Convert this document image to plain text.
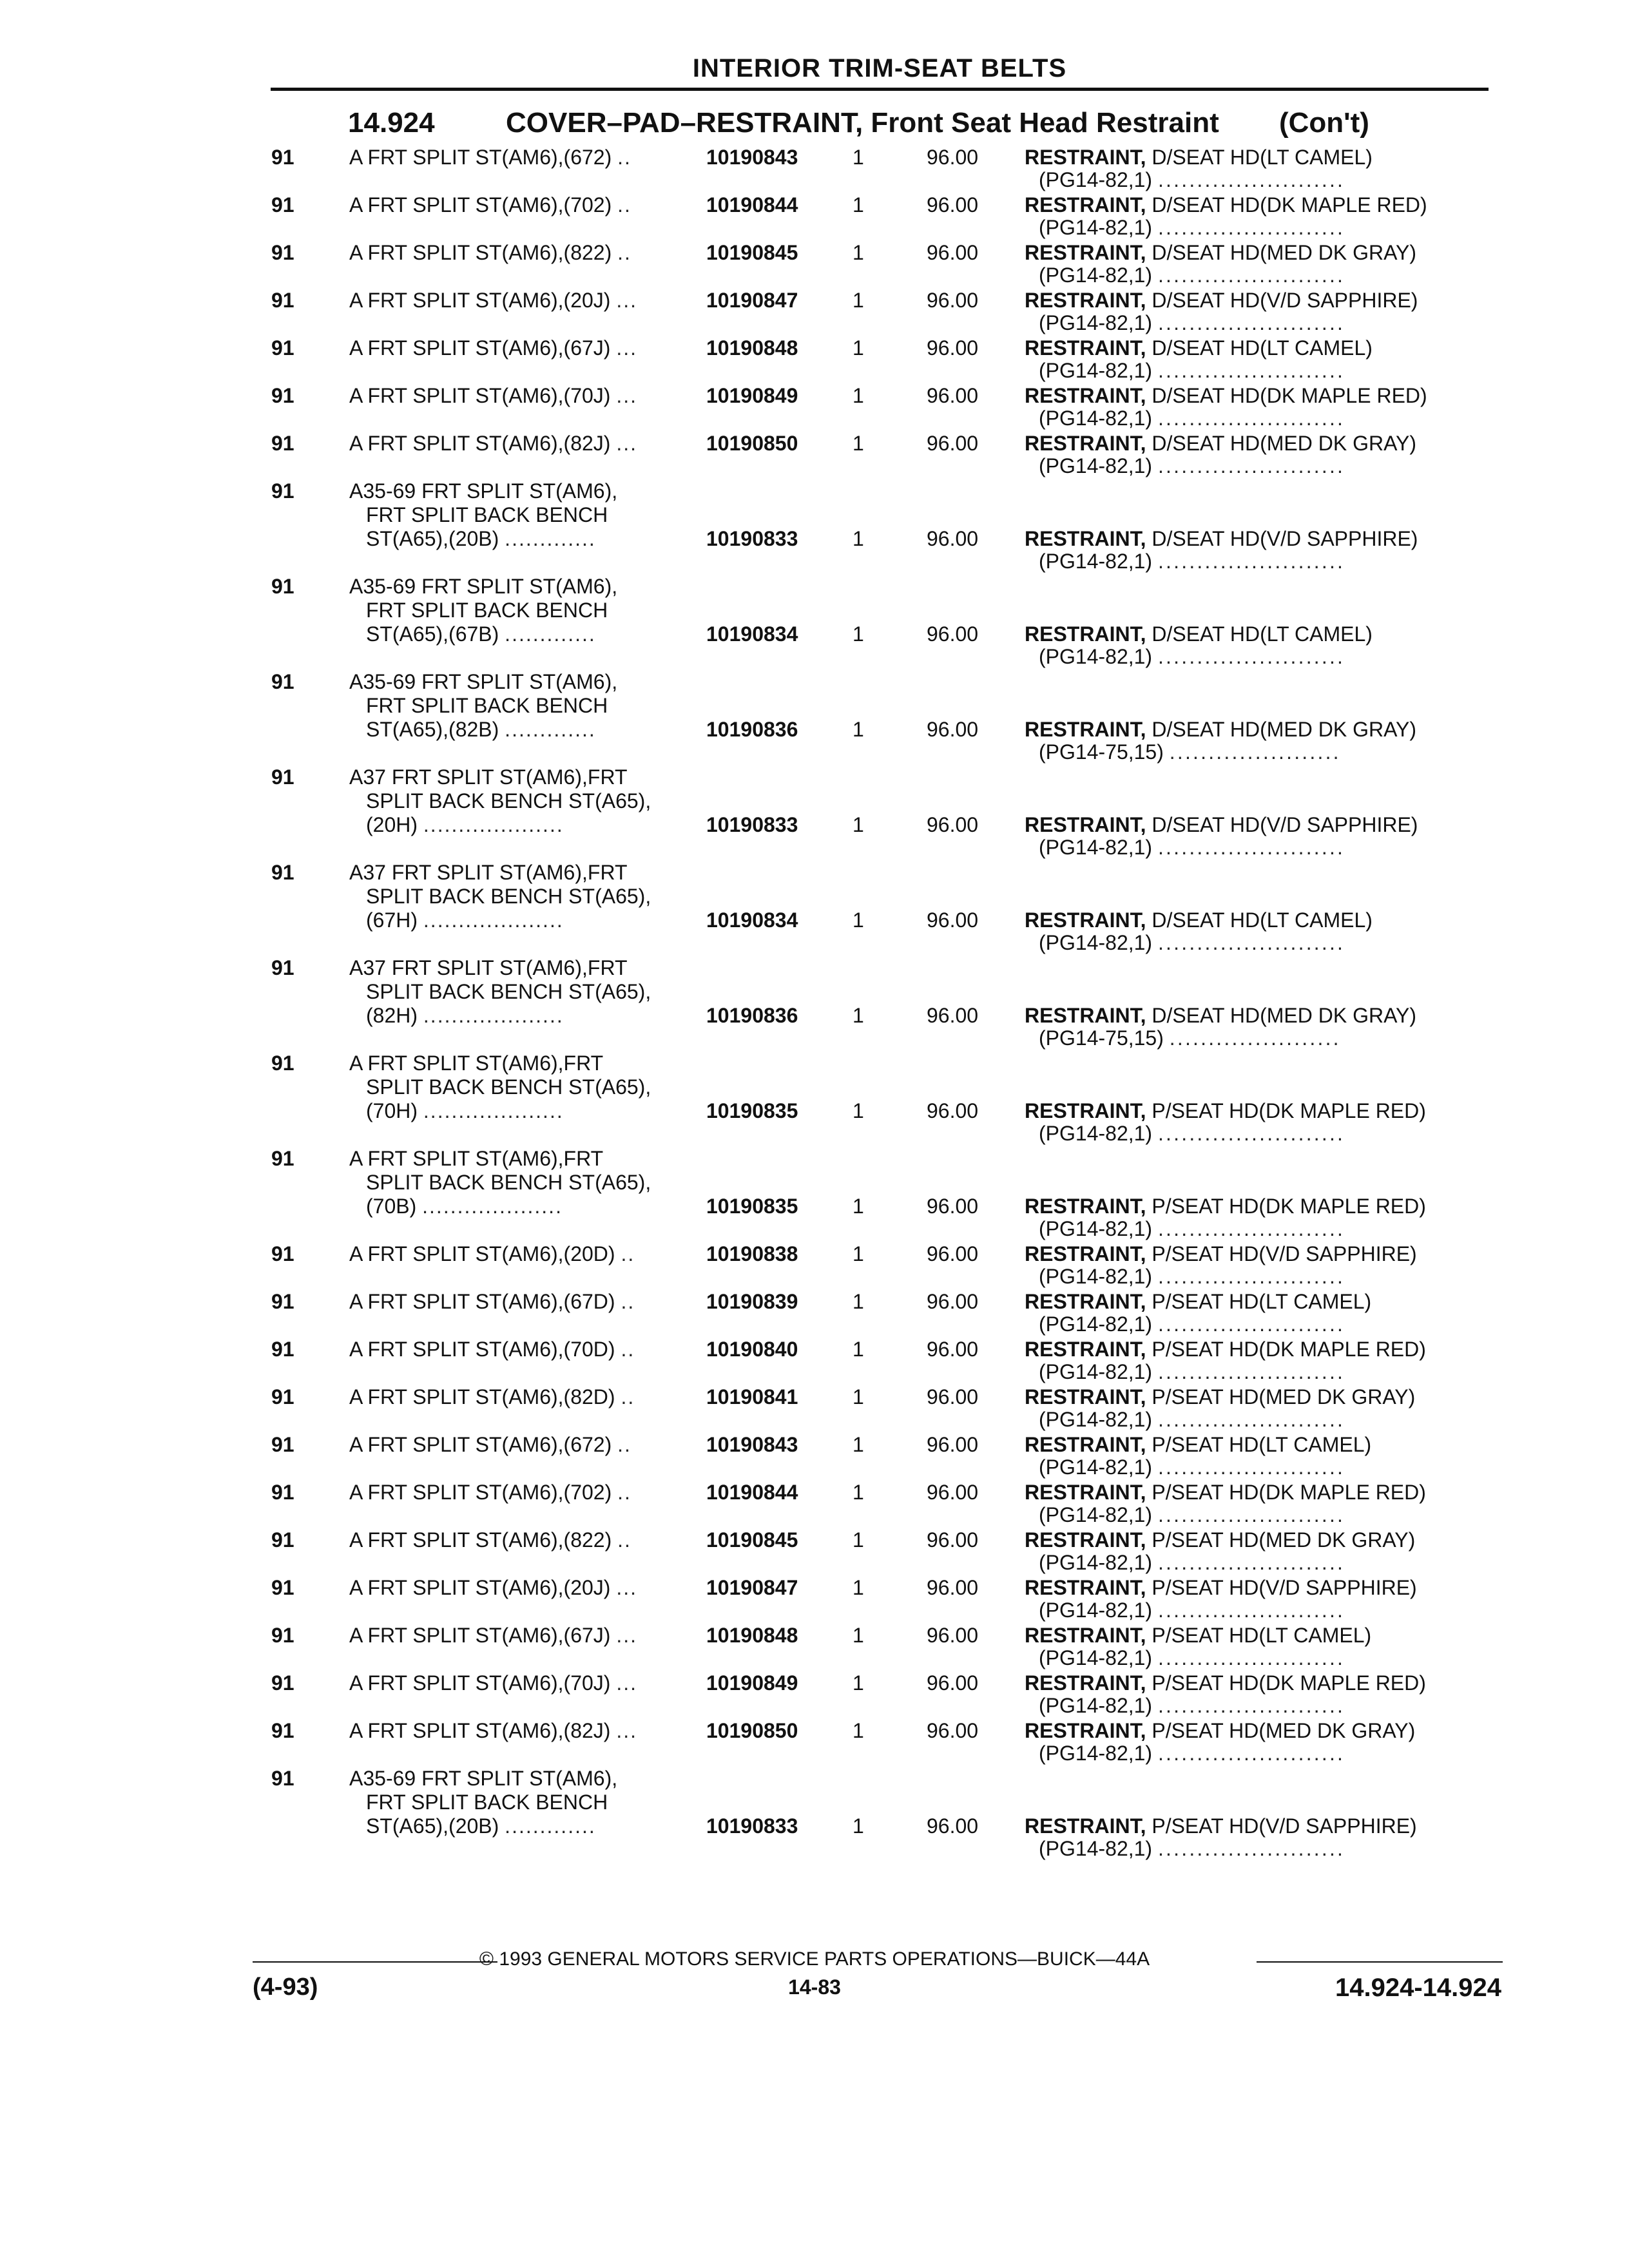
INTERIOR TRIM-SEAT BELTS
14.924	COVER–PAD–RESTRAINT, Front Seat Head Restraint (Con't)
91	A FRT SPLIT ST(AM6),(672) ..	10190843	1	96.00 RESTRAINT, D/SEAT HD(LT CAMEL)
(PG14-82,1) ........................
91	A FRT SPLIT ST(AM6),(702) ..	10190844	1	96.00 RESTRAINT, D/SEAT HD(DK MAPLE RED)
(PG14-82,1) ........................
91	A FRT SPLIT ST(AM6),(822) ..	10190845	1	96.00 RESTRAINT, D/SEAT HD(MED DK GRAY)
(PG14-82,1) ........................
91	A FRT SPLIT ST(AM6),(20J) ...	10190847	1	96.00 RESTRAINT, D/SEAT HD(V/D SAPPHIRE)
(PG14-82,1) ........................
91	A FRT SPLIT ST(AM6),(67J) ...	10190848	1	96.00 RESTRAINT, D/SEAT HD(LT CAMEL)
(PG14-82,1) ........................
91	A FRT SPLIT ST(AM6),(70J) ...	10190849	1	96.00 RESTRAINT, D/SEAT HD(DK MAPLE RED)
(PG14-82,1) ........................
91	A FRT SPLIT ST(AM6),(82J) ...	10190850	1	96.00 RESTRAINT, D/SEAT HD(MED DK GRAY)
(PG14-82,1) ........................
91	A35-69 FRT SPLIT ST(AM6),
FRT SPLIT BACK BENCH
ST(A65),(20B) .............	10190833	1	96.00 RESTRAINT, D/SEAT HD(V/D SAPPHIRE)
(PG14-82,1) ........................
91	A35-69 FRT SPLIT ST(AM6),
FRT SPLIT BACK BENCH
ST(A65),(67B) .............	10190834	1	96.00 RESTRAINT, D/SEAT HD(LT CAMEL)
(PG14-82,1) ........................
91	A35-69 FRT SPLIT ST(AM6),
FRT SPLIT BACK BENCH
ST(A65),(82B) .............	10190836	1	96.00 RESTRAINT, D/SEAT HD(MED DK GRAY)
(PG14-75,15) ......................
91	A37 FRT SPLIT ST(AM6),FRT
SPLIT BACK BENCH ST(A65),
(20H) ....................	10190833	1	96.00 RESTRAINT, D/SEAT HD(V/D SAPPHIRE)
(PG14-82,1) ........................
91	A37 FRT SPLIT ST(AM6),FRT
SPLIT BACK BENCH ST(A65),
(67H) ....................	10190834	1	96.00 RESTRAINT, D/SEAT HD(LT CAMEL)
(PG14-82,1) ........................
91	A37 FRT SPLIT ST(AM6),FRT
SPLIT BACK BENCH ST(A65),
(82H) ....................	10190836	1	96.00 RESTRAINT, D/SEAT HD(MED DK GRAY)
(PG14-75,15) ......................
91	A FRT SPLIT ST(AM6),FRT
SPLIT BACK BENCH ST(A65),
(70H) ....................	10190835	1	96.00 RESTRAINT, P/SEAT HD(DK MAPLE RED)
(PG14-82,1) ........................
91	A FRT SPLIT ST(AM6),FRT
SPLIT BACK BENCH ST(A65),
(70B) ....................	10190835	1	96.00 RESTRAINT, P/SEAT HD(DK MAPLE RED)
(PG14-82,1) ........................
91	A FRT SPLIT ST(AM6),(20D) ..	10190838	1	96.00 RESTRAINT, P/SEAT HD(V/D SAPPHIRE)
(PG14-82,1) ........................
91	A FRT SPLIT ST(AM6),(67D) ..	10190839	1	96.00 RESTRAINT, P/SEAT HD(LT CAMEL)
(PG14-82,1) ........................
91	A FRT SPLIT ST(AM6),(70D) ..	10190840	1	96.00 RESTRAINT, P/SEAT HD(DK MAPLE RED)
(PG14-82,1) ........................
91	A FRT SPLIT ST(AM6),(82D) ..	10190841	1	96.00 RESTRAINT, P/SEAT HD(MED DK GRAY)
(PG14-82,1) ........................
91	A FRT SPLIT ST(AM6),(672) ..	10190843	1	96.00 RESTRAINT, P/SEAT HD(LT CAMEL)
(PG14-82,1) ........................
91	A FRT SPLIT ST(AM6),(702) ..	10190844	1	96.00 RESTRAINT, P/SEAT HD(DK MAPLE RED)
(PG14-82,1) ........................
91	A FRT SPLIT ST(AM6),(822) ..	10190845	1	96.00 RESTRAINT, P/SEAT HD(MED DK GRAY)
(PG14-82,1) ........................
91	A FRT SPLIT ST(AM6),(20J) ...	10190847	1	96.00 RESTRAINT, P/SEAT HD(V/D SAPPHIRE)
(PG14-82,1) ........................
91	A FRT SPLIT ST(AM6),(67J) ...	10190848	1	96.00 RESTRAINT, P/SEAT HD(LT CAMEL)
(PG14-82,1) ........................
91	A FRT SPLIT ST(AM6),(70J) ...	10190849	1	96.00 RESTRAINT, P/SEAT HD(DK MAPLE RED)
(PG14-82,1) ........................
91	A FRT SPLIT ST(AM6),(82J) ...	10190850	1	96.00 RESTRAINT, P/SEAT HD(MED DK GRAY)
(PG14-82,1) ........................
91	A35-69 FRT SPLIT ST(AM6),
FRT SPLIT BACK BENCH
ST(A65),(20B) .............	10190833	1	96.00 RESTRAINT, P/SEAT HD(V/D SAPPHIRE)
(PG14-82,1) ........................
© 1993 GENERAL MOTORS SERVICE PARTS OPERATIONS—BUICK—44A
(4-93)	14-83	14.924-14.924
